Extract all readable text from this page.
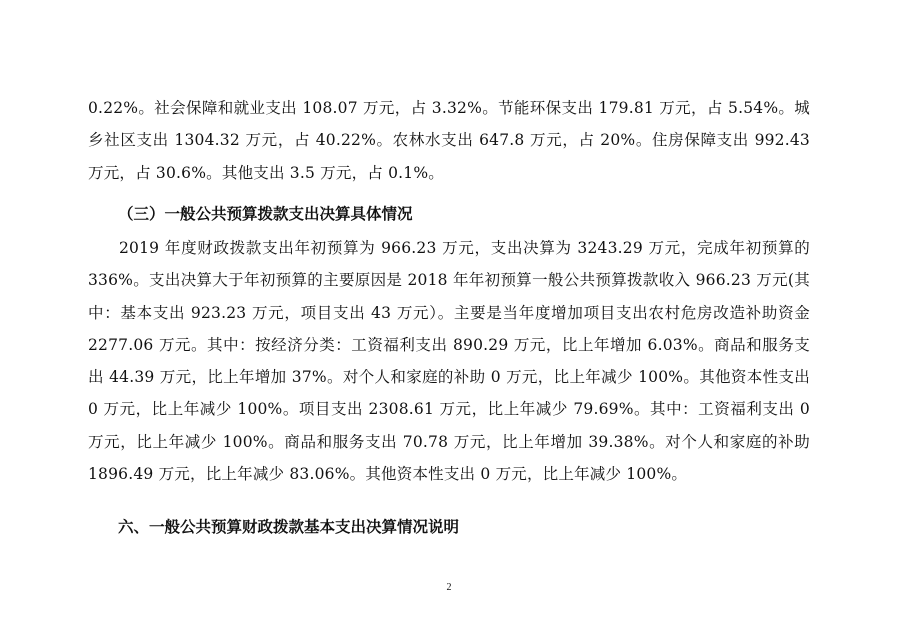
0.22%。社会保障和就业支出 108.07 万元，占 3.32%。节能环保支出 179.81 万元，占 5.54%。城乡社区支出 1304.32 万元，占 40.22%。农林水支出 647.8 万元，占 20%。住房保障支出 992.43 万元，占 30.6%。其他支出 3.5 万元，占 0.1%。

（三）一般公共预算拨款支出决算具体情况

2019 年度财政拨款支出年初预算为 966.23 万元，支出决算为 3243.29 万元，完成年初预算的 336%。支出决算大于年初预算的主要原因是 2018 年年初预算一般公共预算拨款收入 966.23 万元(其中：基本支出 923.23 万元，项目支出 43 万元）。主要是当年度增加项目支出农村危房改造补助资金 2277.06 万元。其中：按经济分类：工资福利支出 890.29 万元，比上年增加 6.03%。商品和服务支出 44.39 万元，比上年增加 37%。对个人和家庭的补助 0 万元，比上年减少 100%。其他资本性支出 0 万元，比上年减少 100%。项目支出 2308.61 万元，比上年减少 79.69%。其中：工资福利支出 0 万元，比上年减少 100%。商品和服务支出 70.78 万元，比上年增加 39.38%。对个人和家庭的补助 1896.49 万元，比上年减少 83.06%。其他资本性支出 0 万元，比上年减少 100%。

六、一般公共预算财政拨款基本支出决算情况说明
2
